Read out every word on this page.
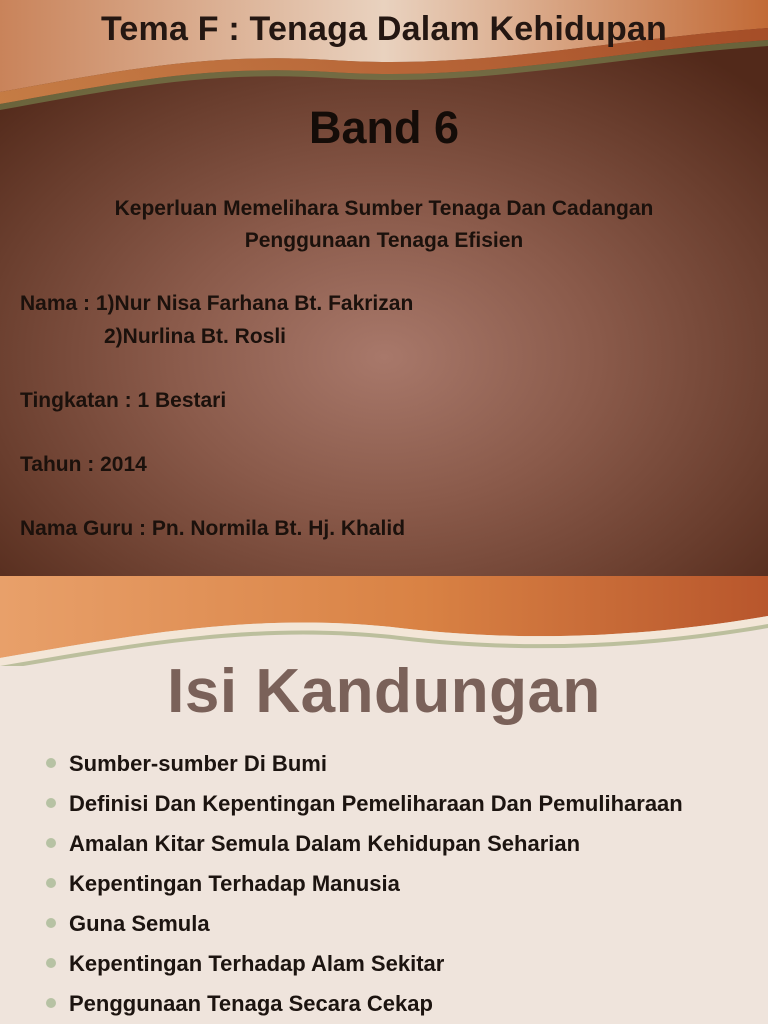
Tema F : Tenaga Dalam Kehidupan
Band 6
Keperluan Memelihara Sumber Tenaga Dan Cadangan
Penggunaan Tenaga Efisien
Nama : 1)Nur Nisa Farhana Bt. Fakrizan
2)Nurlina Bt. Rosli
Tingkatan : 1 Bestari
Tahun : 2014
Nama Guru : Pn. Normila Bt. Hj. Khalid
Isi Kandungan
Sumber-sumber Di Bumi
Definisi Dan Kepentingan Pemeliharaan Dan Pemuliharaan
Amalan Kitar Semula Dalam Kehidupan Seharian
Kepentingan Terhadap Manusia
Guna Semula
Kepentingan Terhadap Alam Sekitar
Penggunaan Tenaga Secara Cekap
